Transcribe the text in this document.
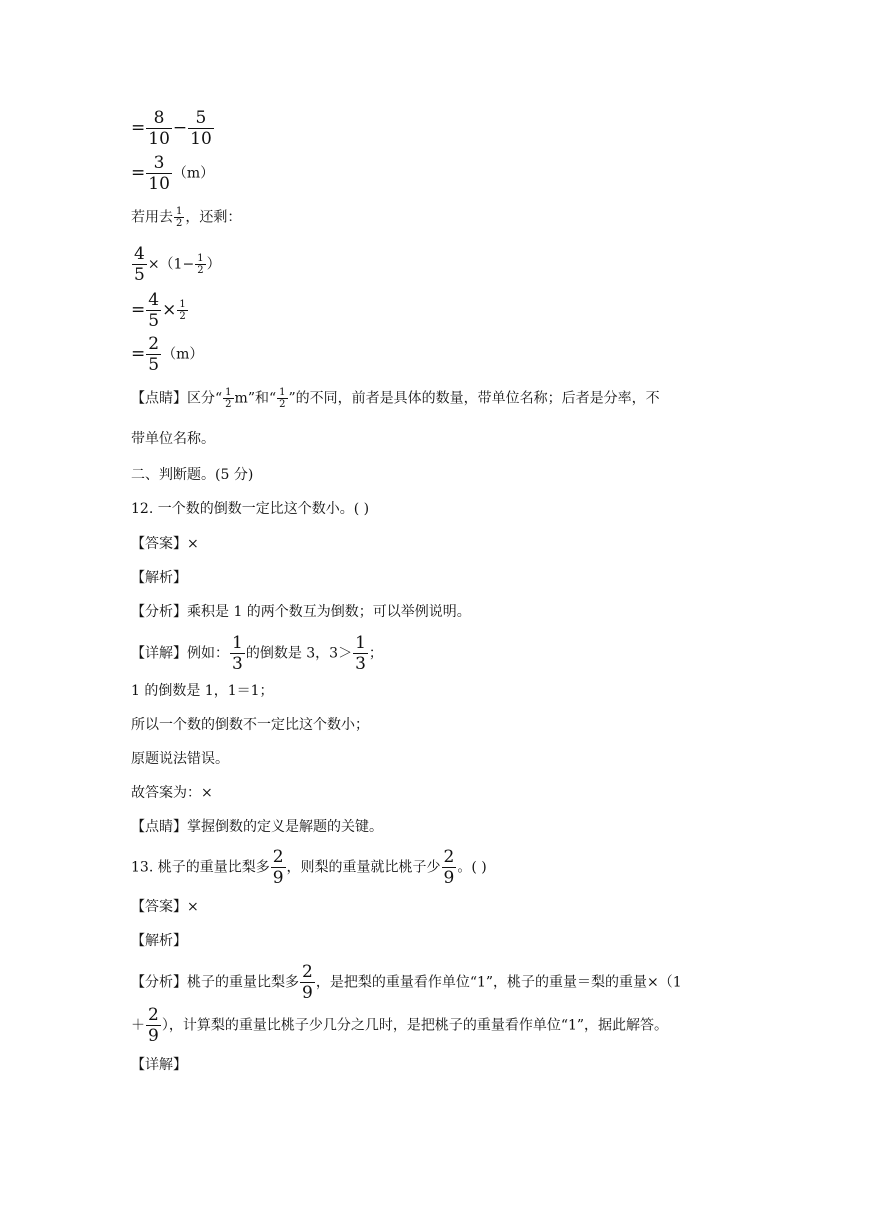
= $\frac{8}{10} - \frac{5}{10}$
= $\frac{3}{10} (m)$
若用去 $\frac{1}{2}$ ，还剩：
$\frac{4}{5} \times(1- \frac{1}{2}$ ）
= $\frac{4}{5} \times \frac{1}{2}$
= $\frac{2}{5} (m)$
【点睛】区分“ $\frac{1}{2} m$”和“ $\frac{1}{2}$ ”的不同，前者是具体的数量，带单位名称；后者是分率，不
带单位名称。
二、判断题。(5 分)
12. 一个数的倒数一定比这个数小。( )
【答案】×
【解析】
【分析】乘积是 1 的两个数互为倒数；可以举例说明。
【详解】例如： $\frac{1}{3}$ 的倒数是 3，$3> \frac{1}{3}$ ；
1 的倒数是 1，1＝1；
所以一个数的倒数不一定比这个数小；
原题说法错误。
故答案为：×
【点睛】掌握倒数的定义是解题的关键。
13. 桃子的重量比梨多 $\frac{2}{9}$ ，则梨的重量就比桃子少 $\frac{2}{9}$ 。( )
【答案】×
【解析】
【分析】桃子的重量比梨多 $\frac{2}{9}$ ，是把梨的重量看作单位“1”，桃子的重量＝梨的重量×（1
＋ $\frac{2}{9}$ ），计算梨的重量比桃子少几分之几时，是把桃子的重量看作单位“1”，据此解答。
【详解】
